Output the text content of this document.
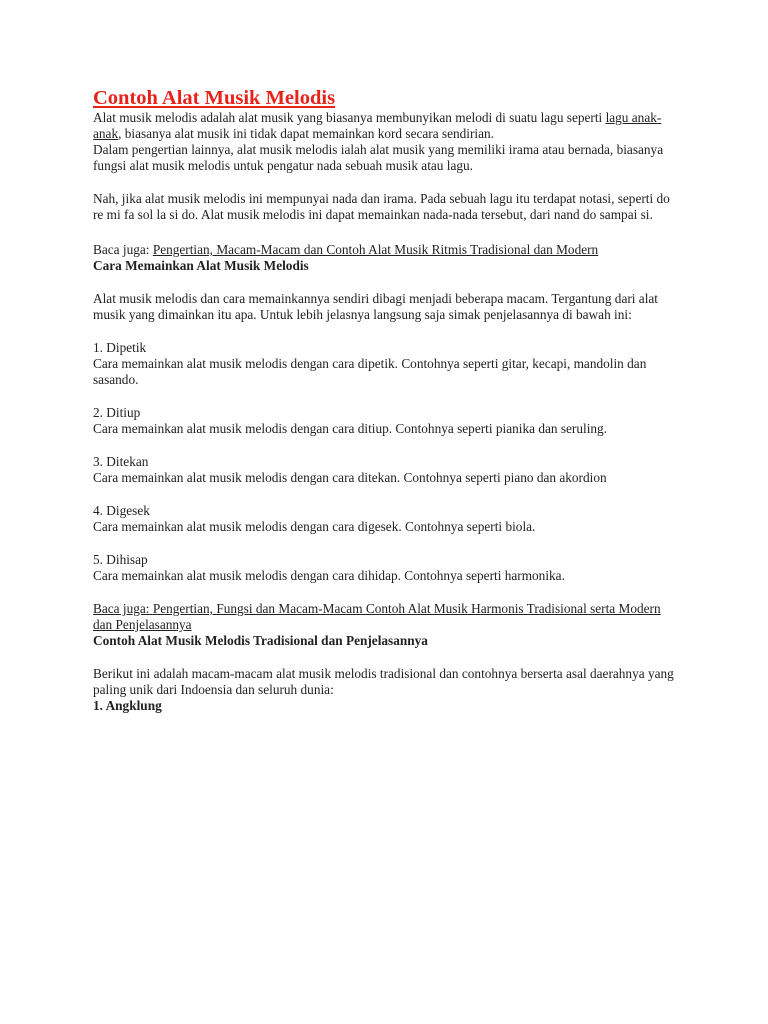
Contoh Alat Musik Melodis

Alat musik melodis adalah alat musik yang biasanya membunyikan melodi di suatu lagu seperti lagu anak-anak, biasanya alat musik ini tidak dapat memainkan kord secara sendirian.
Dalam pengertian lainnya, alat musik melodis ialah alat musik yang memiliki irama atau bernada, biasanya fungsi alat musik melodis untuk pengatur nada sebuah musik atau lagu.

Nah, jika alat musik melodis ini mempunyai nada dan irama. Pada sebuah lagu itu terdapat notasi, seperti do re mi fa sol la si do. Alat musik melodis ini dapat memainkan nada-nada tersebut, dari nand do sampai si.

Baca juga: Pengertian, Macam-Macam dan Contoh Alat Musik Ritmis Tradisional dan Modern

Cara Memainkan Alat Musik Melodis

Alat musik melodis dan cara memainkannya sendiri dibagi menjadi beberapa macam. Tergantung dari alat musik yang dimainkan itu apa. Untuk lebih jelasnya langsung saja simak penjelasannya di bawah ini:

1. Dipetik
Cara memainkan alat musik melodis dengan cara dipetik. Contohnya seperti gitar, kecapi, mandolin dan sasando.

2. Ditiup
Cara memainkan alat musik melodis dengan cara ditiup. Contohnya seperti pianika dan seruling.

3. Ditekan
Cara memainkan alat musik melodis dengan cara ditekan. Contohnya seperti piano dan akordion

4. Digesek
Cara memainkan alat musik melodis dengan cara digesek. Contohnya seperti biola.

5. Dihisap
Cara memainkan alat musik melodis dengan cara dihidap. Contohnya seperti harmonika.

Baca juga: Pengertian, Fungsi dan Macam-Macam Contoh Alat Musik Harmonis Tradisional serta Modern dan Penjelasannya

Contoh Alat Musik Melodis Tradisional dan Penjelasannya

Berikut ini adalah macam-macam alat musik melodis tradisional dan contohnya berserta asal daerahnya yang paling unik dari Indoensia dan seluruh dunia:

1. Angklung
